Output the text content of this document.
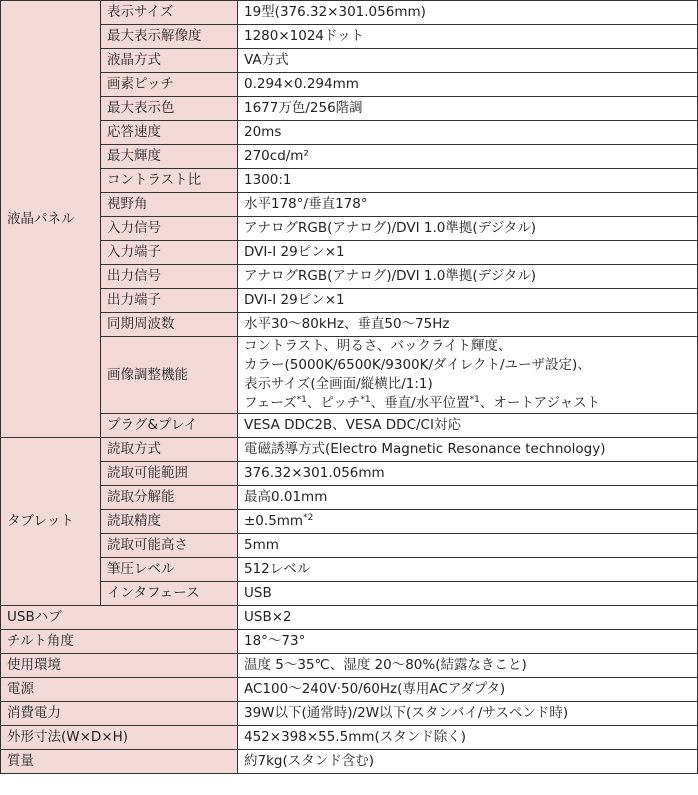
液晶パネル	表示サイズ	19型(376.32×301.056mm)
	最大表示解像度	1280×1024ドット
	液晶方式	VA方式
	画素ピッチ	0.294×0.294mm
	最大表示色	1677万色/256階調
	応答速度	20ms
	最大輝度	270cd/m²
	コントラスト比	1300:1
	視野角	水平178°/垂直178°
	入力信号	アナログRGB(アナログ)/DVI 1.0準拠(デジタル)
	入力端子	DVI-I 29ピン×1
	出力信号	アナログRGB(アナログ)/DVI 1.0準拠(デジタル)
	出力端子	DVI-I 29ピン×1
	同期周波数	水平30〜80kHz、垂直50〜75Hz
	画像調整機能	コントラスト、明るさ、バックライト輝度、
カラー(5000K/6500K/9300K/ダイレクト/ユーザ設定)、
表示サイズ(全画面/縦横比/1:1)
フェーズ$^{*1}$、ピッチ$^{*1}$、垂直/水平位置$^{*1}$、オートアジャスト

	プラグ&プレイ	VESA DDC2B、VESA DDC/CI対応
タブレット	読取方式	電磁誘導方式(Electro Magnetic Resonance technology)
	読取可能範囲	376.32×301.056mm
	読取分解能	最高0.01mm
	読取精度	$\pm 0.5mm^{*2}$
	読取可能高さ	5mm
	筆圧レベル	512レベル
	インタフェース	USB
USBハブ		USB×2
チルト角度		18°〜73°
使用環境		温度 5〜35℃、湿度 20〜80%(結露なきこと)
電源		AC100〜240V·50/60Hz(専用ACアダプタ)
消費電力		39W以下(通常時)/2W以下(スタンバイ/サスペンド時)
外形寸法(W×D×H)		452×398×55.5mm(スタンド除く)
質量		約7kg(スタンド含む)
